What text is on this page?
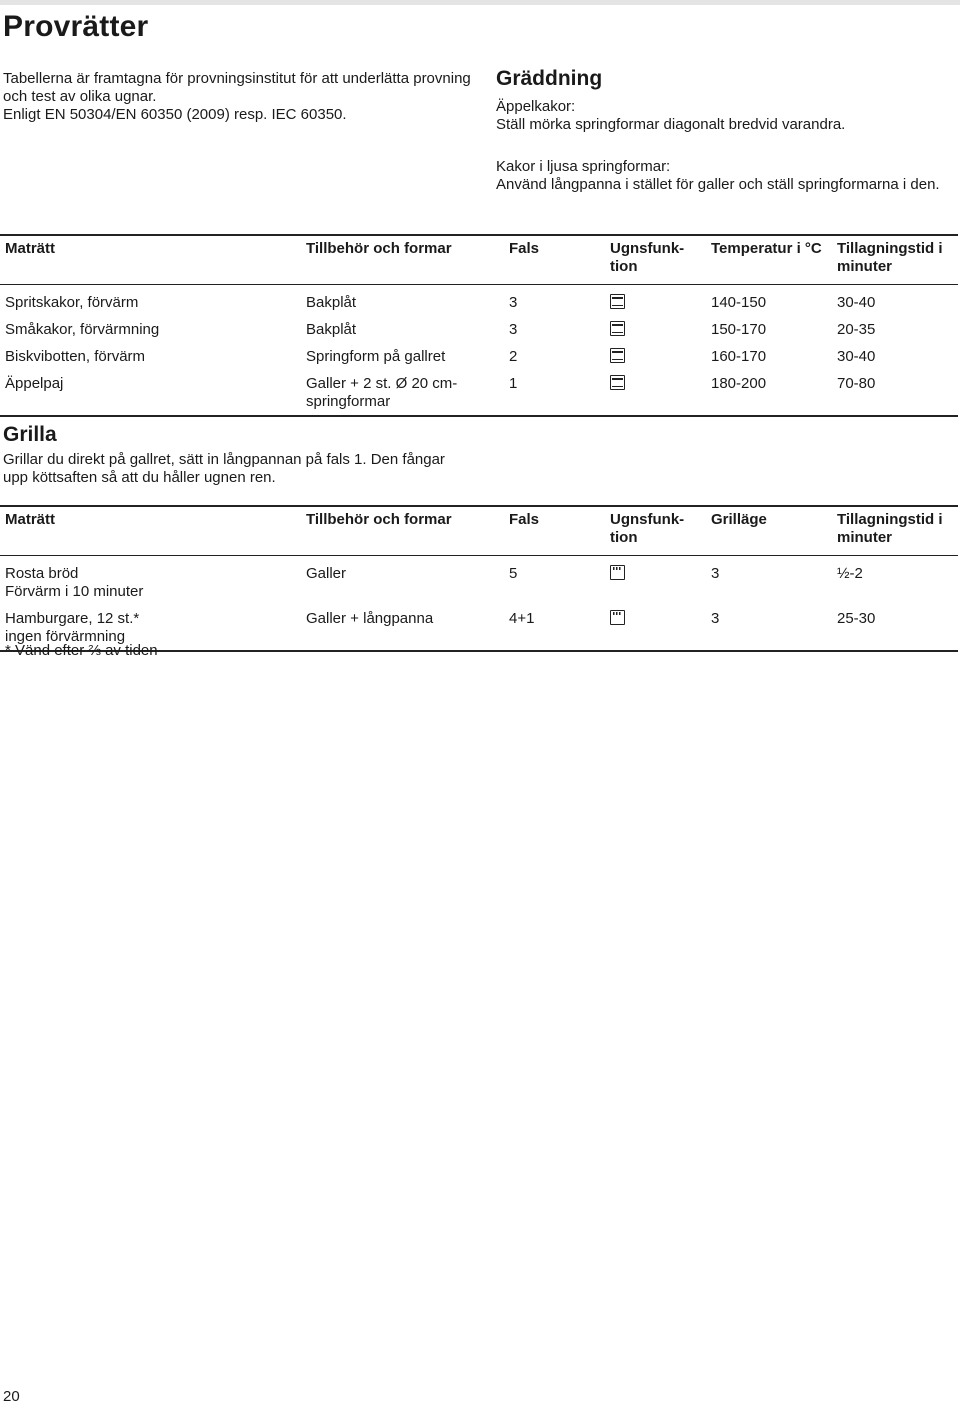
Provrätter

Tabellerna är framtagna för provningsinstitut för att underlätta provning och test av olika ugnar.

Enligt EN 50304/EN 60350 (2009) resp. IEC 60350.

Gräddning

Äppelkakor:

Ställ mörka springformar diagonalt bredvid varandra.

Kakor i ljusa springformar:

Använd långpanna i stället för galler och ställ springformarna i den.

Maträtt	Tillbehör och formar	Fals	Ugnsfunk-tion	Temperatur i °C	Tillagningstid i minuter
Spritskakor, förvärm	Bakplåt	3		140-150	30-40
Småkakor, förvärmning	Bakplåt	3		150-170	20-35
Biskvibotten, förvärm	Springform på gallret	2		160-170	30-40
Äppelpaj	Galler + 2 st. Ø 20 cm-springformar	1		180-200	70-80
Grilla

Grillar du direkt på gallret, sätt in långpannan på fals 1. Den fångar upp köttsaften så att du håller ugnen ren.

Maträtt	Tillbehör och formar	Fals	Ugnsfunk-tion	Grilläge	Tillagningstid i minuter

Rosta bröd
Förvärm i 10 minuter	Galler	5		3	½-2

Hamburgare, 12 st.*
ingen förvärmning	Galler + långpanna	4+1		3	25-30

* Vänd efter ⅔ av tiden

20
